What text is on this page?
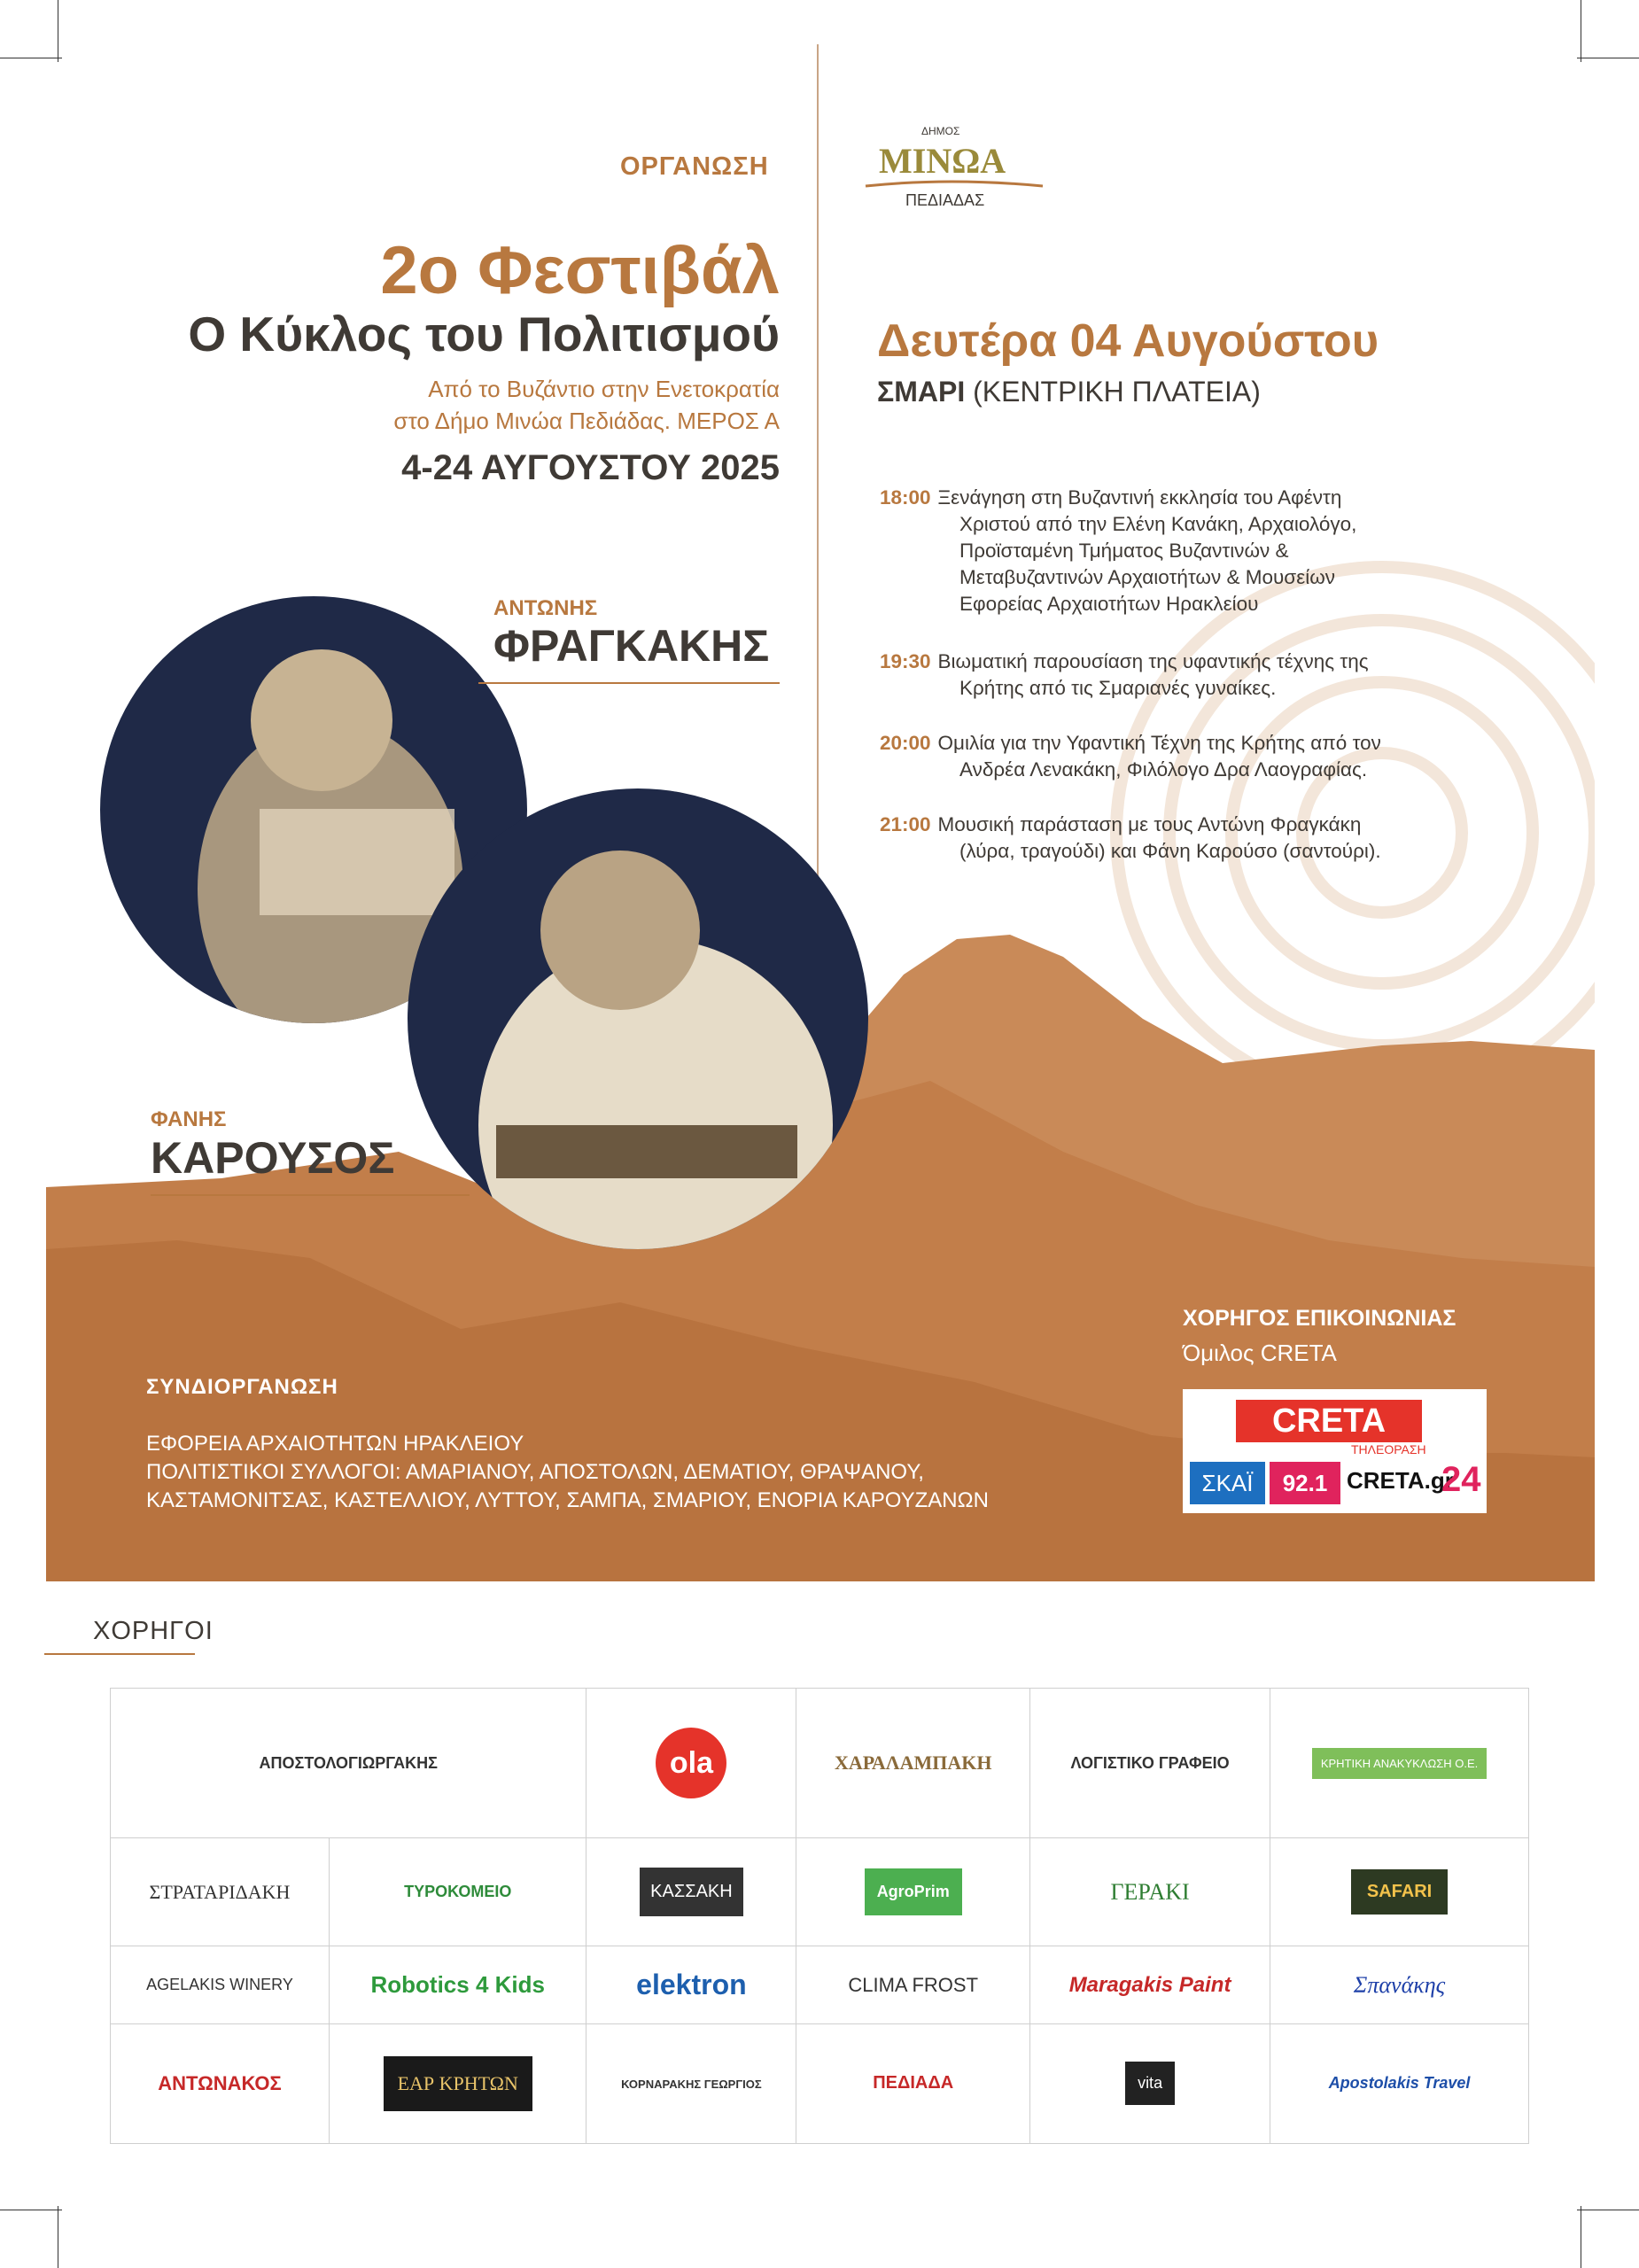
ΟΡΓΑΝΩΣΗ
ΔΗΜΟΣ
ΜΙΝΩΑ
ΠΕΔΙΑΔΑΣ
2ο Φεστιβάλ
Ο Κύκλος του Πολιτισμού
Από το Βυζάντιο στην Ενετοκρατία
στο Δήμο Μινώα Πεδιάδας. ΜΕΡΟΣ Α
4-24 ΑΥΓΟΥΣΤΟΥ 2025
Δευτέρα 04 Αυγούστου
ΣΜΑΡΙ (ΚΕΝΤΡΙΚΗ ΠΛΑΤΕΙΑ)
18:00 Ξενάγηση στη Βυζαντινή εκκλησία του Αφέντη
Χριστού από την Ελένη Κανάκη, Αρχαιολόγο,
Προϊσταμένη Τμήματος Βυζαντινών &
Μεταβυζαντινών Αρχαιοτήτων & Μουσείων
Εφορείας Αρχαιοτήτων Ηρακλείου
19:30 Βιωματική παρουσίαση της υφαντικής τέχνης της
Κρήτης από τις Σμαριανές γυναίκες.
20:00 Ομιλία για την Υφαντική Τέχνη της Κρήτης από τον
Ανδρέα Λενακάκη, Φιλόλογο Δρα Λαογραφίας.
21:00 Μουσική παράσταση με τους Αντώνη Φραγκάκη
(λύρα, τραγούδι) και Φάνη Καρούσο (σαντούρι).
ΑΝΤΩΝΗΣ
ΦΡΑΓΚΑΚΗΣ
ΦΑΝΗΣ
ΚΑΡΟΥΣΟΣ
ΣΥΝΔΙΟΡΓΑΝΩΣΗ
ΕΦΟΡΕΙΑ ΑΡΧΑΙΟΤΗΤΩΝ ΗΡΑΚΛΕΙΟΥ
ΠΟΛΙΤΙΣΤΙΚΟΙ ΣΥΛΛΟΓΟΙ: ΑΜΑΡΙΑΝΟΥ, ΑΠΟΣΤΟΛΩΝ, ΔΕΜΑΤΙΟΥ, ΘΡΑΨΑΝΟΥ,
ΚΑΣΤΑΜΟΝΙΤΣΑΣ, ΚΑΣΤΕΛΛΙΟΥ, ΛΥΤΤΟΥ, ΣΑΜΠΑ, ΣΜΑΡΙΟΥ, ΕΝΟΡΙΑ ΚΑΡΟΥΖΑΝΩΝ
ΧΟΡΗΓΟΣ ΕΠΙΚΟΙΝΩΝΙΑΣ
Όμιλος CRETA
CRETA
ΤΗΛΕΟΡΑΣΗ
ΣΚΑΪ	92.1 CRETA.gr
24
ΧΟΡΗΓΟΙ
ΑΠΟΣΤΟΛΟΓΙΩΡΓΑΚΗΣ		ola	ΧΑΡΑΛΑΜΠΑΚΗ	ΛΟΓΙΣΤΙΚΟ ΓΡΑΦΕΙΟ	ΚΡΗΤΙΚΗ ΑΝΑΚΥΚΛΩΣΗ Ο.Ε.
ΣΤΡΑΤΑΡΙΔΑΚΗ	ΤΥΡΟΚΟΜΕΙΟ	ΚΑΣΣΑΚΗ	AgroPrim	ΓΕΡΑΚΙ	SAFARI
AGELAKIS WINERY	Robotics 4 Kids	elektron	CLIMA FROST	Maragakis Paint	Σπανάκης
ΑΝΤΩΝΑΚΟΣ	ΕΑΡ ΚΡΗΤΩΝ	ΚΟΡΝΑΡΑΚΗΣ ΓΕΩΡΓΙΟΣ	ΠΕΔΙΑΔΑ	vita	Apostolakis Travel
